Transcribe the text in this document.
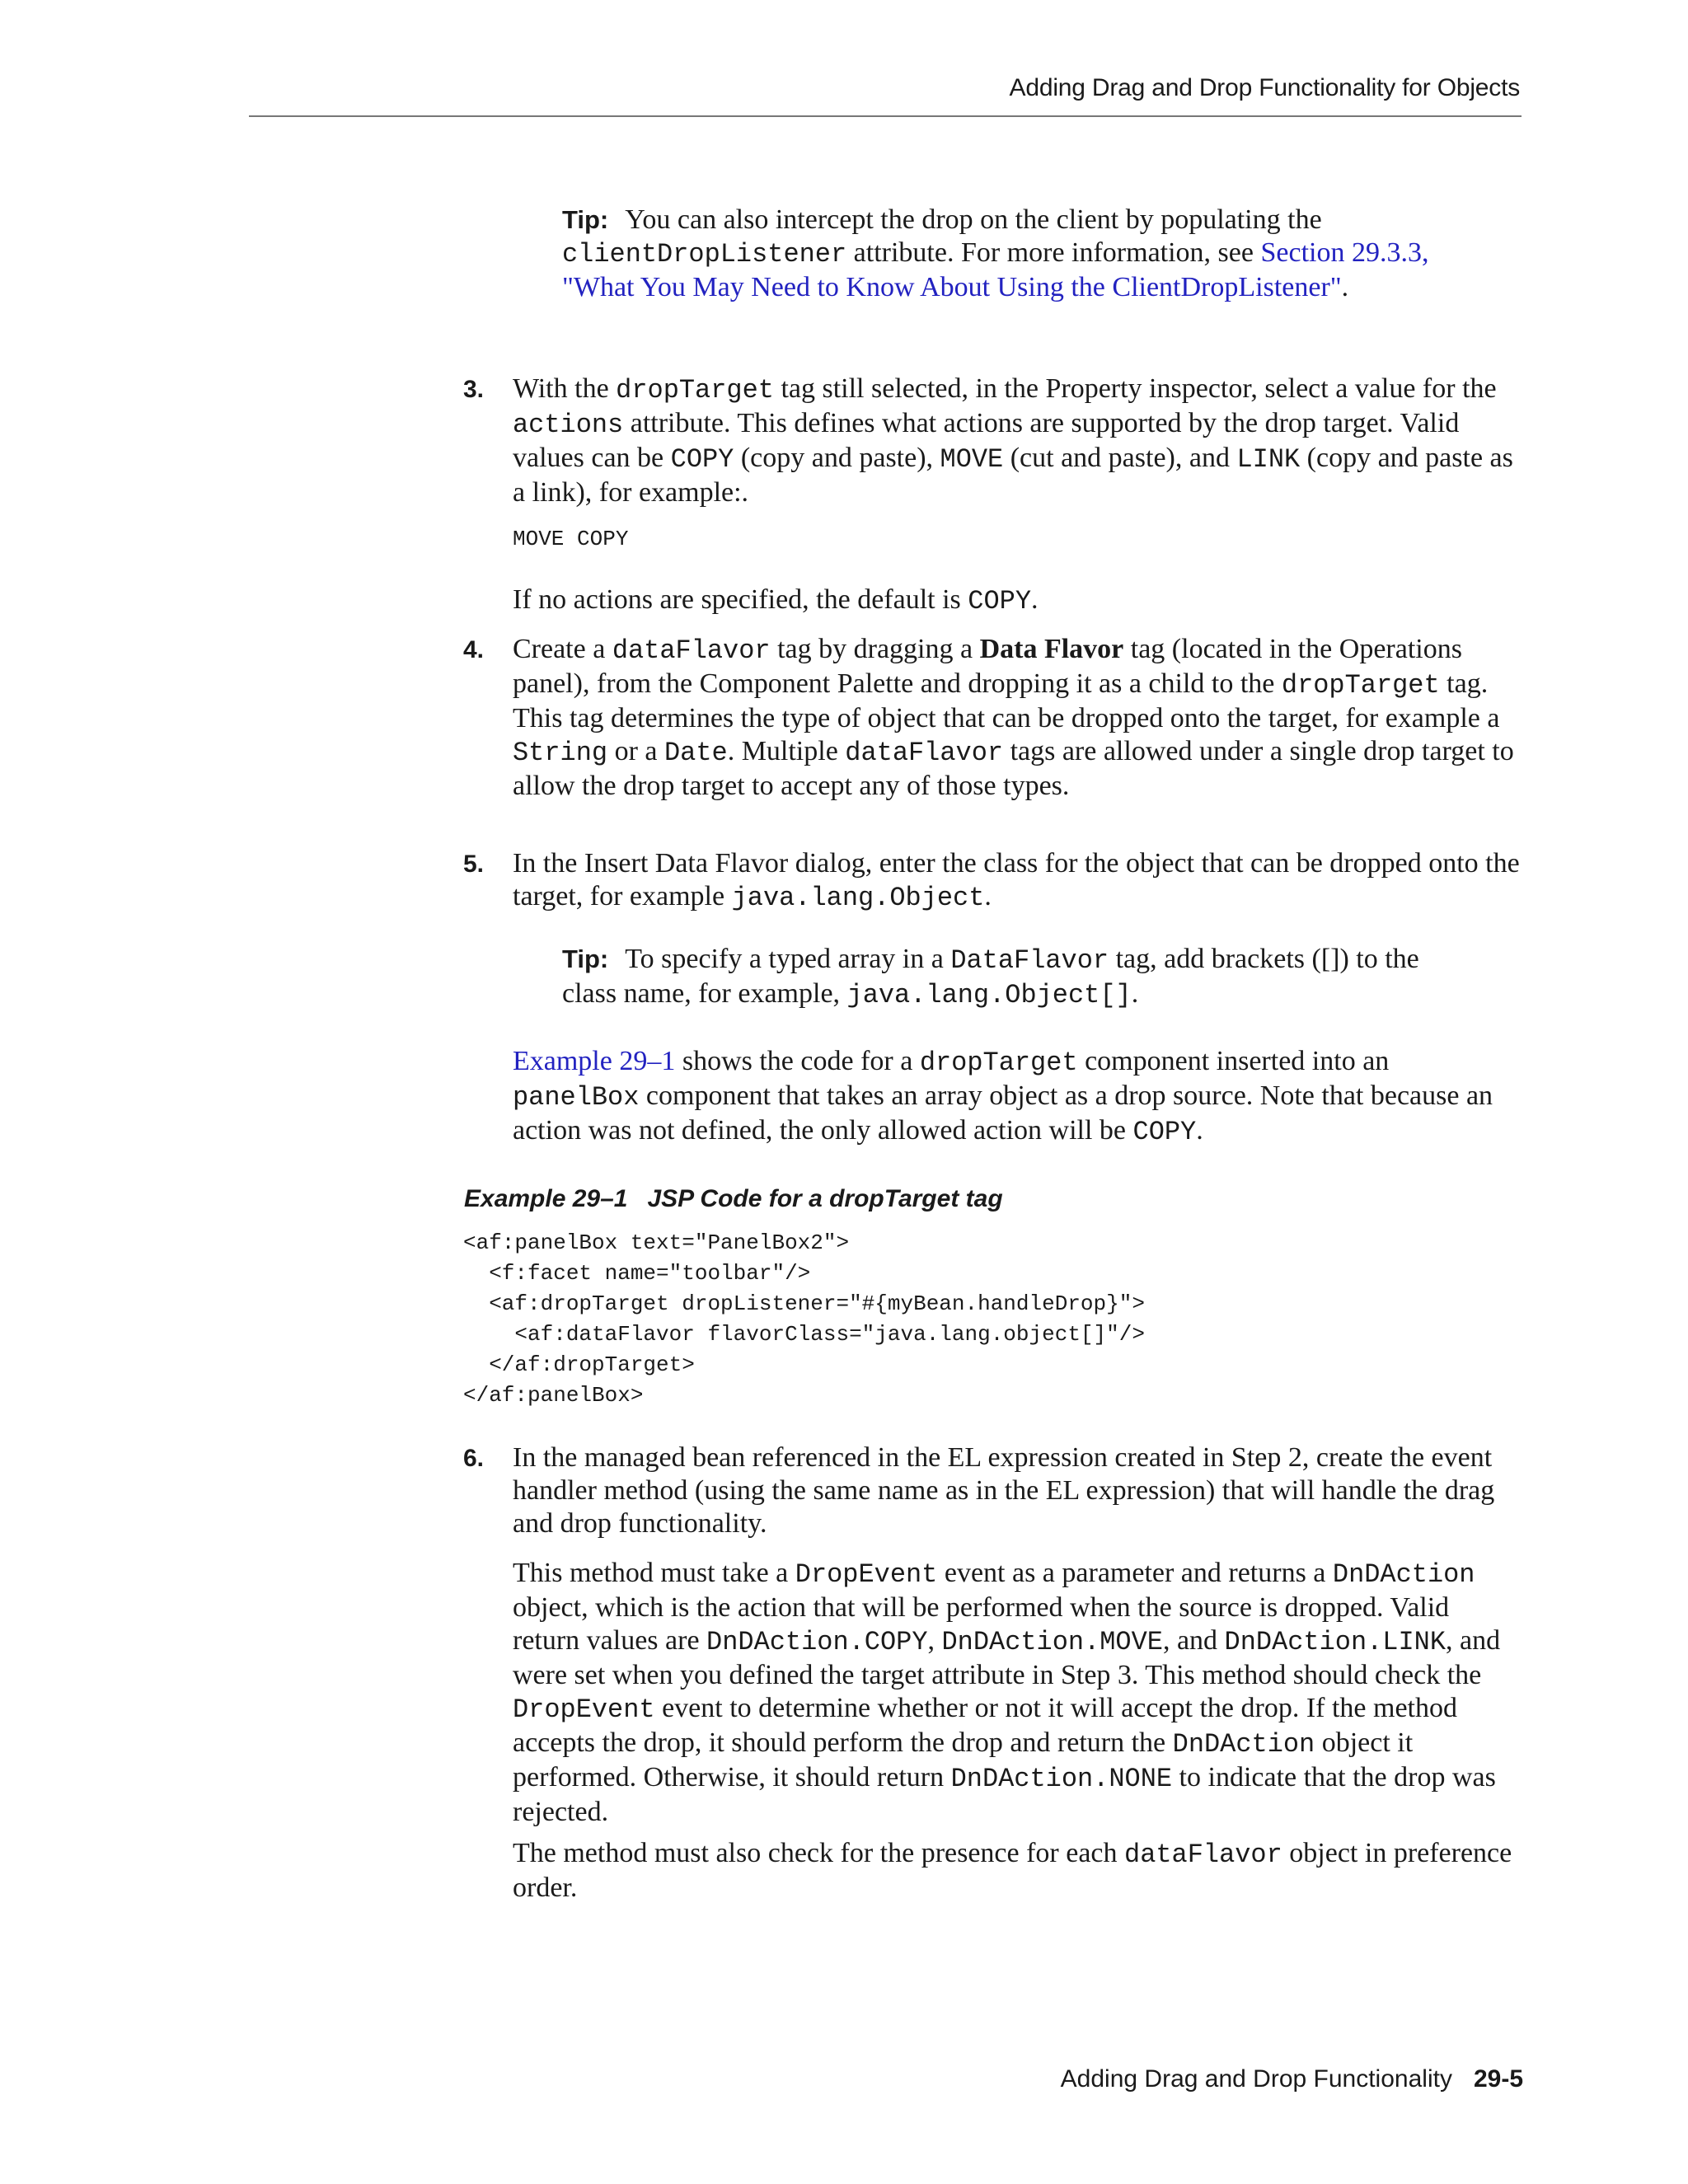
Adding Drag and Drop Functionality for Objects

Tip: You can also intercept the drop on the client by populating the clientDropListener attribute. For more information, see Section 29.3.3, "What You May Need to Know About Using the ClientDropListener".

3. With the dropTarget tag still selected, in the Property inspector, select a value for the actions attribute. This defines what actions are supported by the drop target. Valid values can be COPY (copy and paste), MOVE (cut and paste), and LINK (copy and paste as a link), for example:.

MOVE COPY

If no actions are specified, the default is COPY.

4. Create a dataFlavor tag by dragging a Data Flavor tag (located in the Operations panel), from the Component Palette and dropping it as a child to the dropTarget tag. This tag determines the type of object that can be dropped onto the target, for example a String or a Date. Multiple dataFlavor tags are allowed under a single drop target to allow the drop target to accept any of those types.

5. In the Insert Data Flavor dialog, enter the class for the object that can be dropped onto the target, for example java.lang.Object.

Tip: To specify a typed array in a DataFlavor tag, add brackets ([]) to the class name, for example, java.lang.Object[].

Example 29–1 shows the code for a dropTarget component inserted into an panelBox component that takes an array object as a drop source. Note that because an action was not defined, the only allowed action will be COPY.

Example 29–1 JSP Code for a dropTarget tag

<af:panelBox text="PanelBox2">
<f:facet name="toolbar"/>
<af:dropTarget dropListener="#{myBean.handleDrop}">
<af:dataFlavor flavorClass="java.lang.object[]"/>
</af:dropTarget>
</af:panelBox>
6. In the managed bean referenced in the EL expression created in Step 2, create the event handler method (using the same name as in the EL expression) that will handle the drag and drop functionality.

This method must take a DropEvent event as a parameter and returns a DnDAction object, which is the action that will be performed when the source is dropped. Valid return values are DnDAction.COPY, DnDAction.MOVE, and DnDAction.LINK, and were set when you defined the target attribute in Step 3. This method should check the DropEvent event to determine whether or not it will accept the drop. If the method accepts the drop, it should perform the drop and return the DnDAction object it performed. Otherwise, it should return DnDAction.NONE to indicate that the drop was rejected.

The method must also check for the presence for each dataFlavor object in preference order.

Adding Drag and Drop Functionality 29-5
